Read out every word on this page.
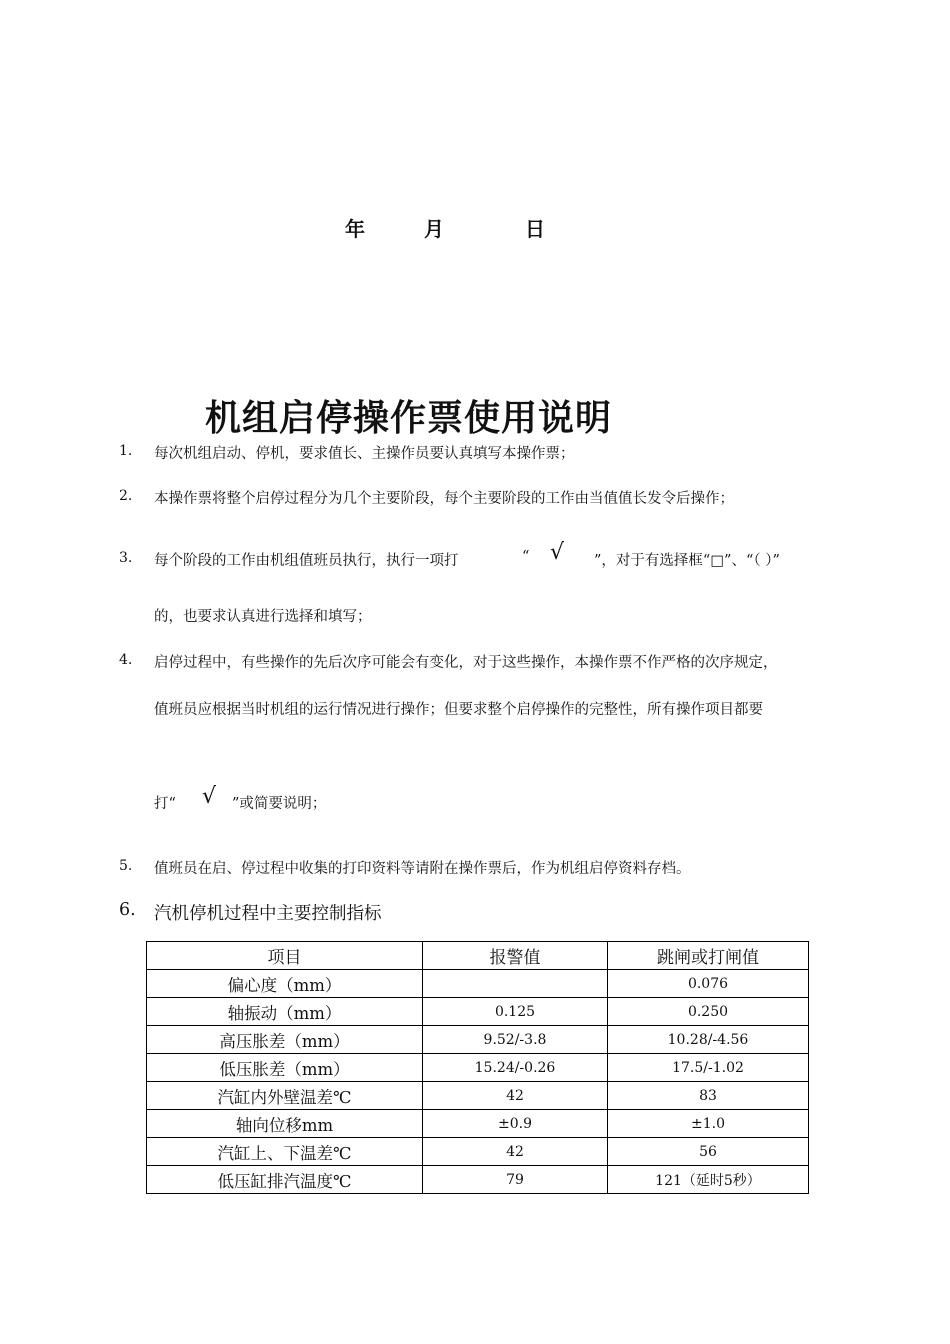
年	月	日
机组启停操作票使用说明
1. 每次机组启动、停机，要求值长、主操作员要认真填写本操作票；
2. 本操作票将整个启停过程分为几个主要阶段，每个主要阶段的工作由当值值长发令后操作；
3. 每个阶段的工作由机组值班员执行，执行一项打	“ √ ”，对于有选择框“□”、“（ ）”
的，也要求认真进行选择和填写；
4. 启停过程中，有些操作的先后次序可能会有变化，对于这些操作，本操作票不作严格的次序规定，
值班员应根据当时机组的运行情况进行操作；但要求整个启停操作的完整性，所有操作项目都要
打“ √ ”或简要说明；
5. 值班员在启、停过程中收集的打印资料等请附在操作票后，作为机组启停资料存档。
6. 汽机停机过程中主要控制指标
项目	报警值	跳闸或打闸值
偏心度（mm）		0.076
轴振动（mm）	0.125	0.250
高压胀差（mm）	9.52/-3.8	10.28/-4.56
低压胀差（mm）	15.24/-0.26	17.5/-1.02
汽缸内外壁温差℃	42	83
轴向位移mm	±0.9	±1.0
汽缸上、下温差℃	42	56
低压缸排汽温度℃	79	121（延时5秒）
